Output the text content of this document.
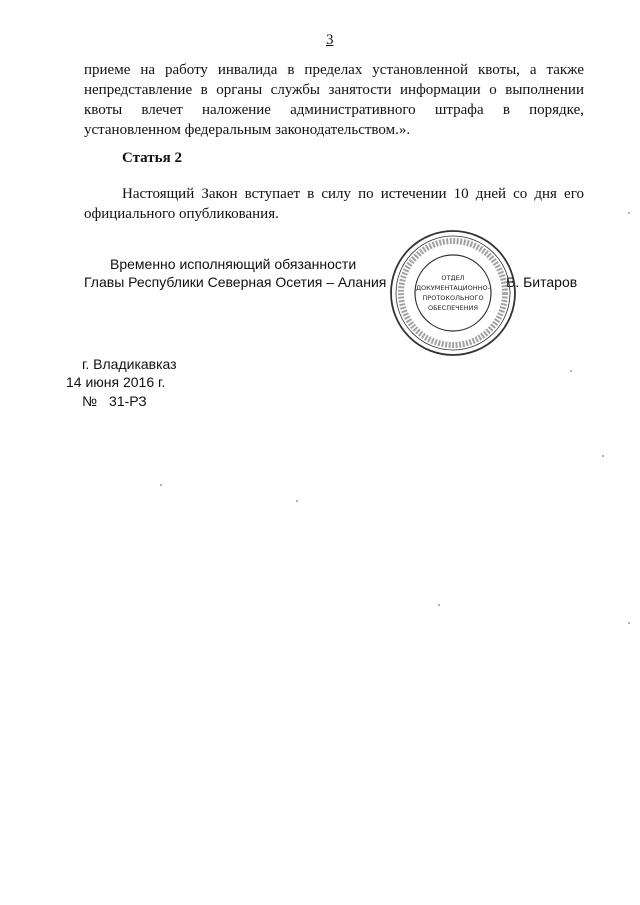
3
приеме на работу инвалида в пределах установленной квоты, а также непредставление в органы службы занятости информации о выполнении квоты влечет наложение административного штрафа в порядке, установленном федеральным законодательством.».
Статья 2
Настоящий Закон вступает в силу по истечении 10 дней со дня его официального опубликования.
Временно исполняющий обязанности
Главы Республики Северная Осетия – Алания	В. Битаров
ОТДЕЛ
ДОКУМЕНТАЦИОННО-
ПРОТОКОЛЬНОГО
ОБЕСПЕЧЕНИЯ
г. Владикавказ
14 июня 2016 г.
№ 31-РЗ
